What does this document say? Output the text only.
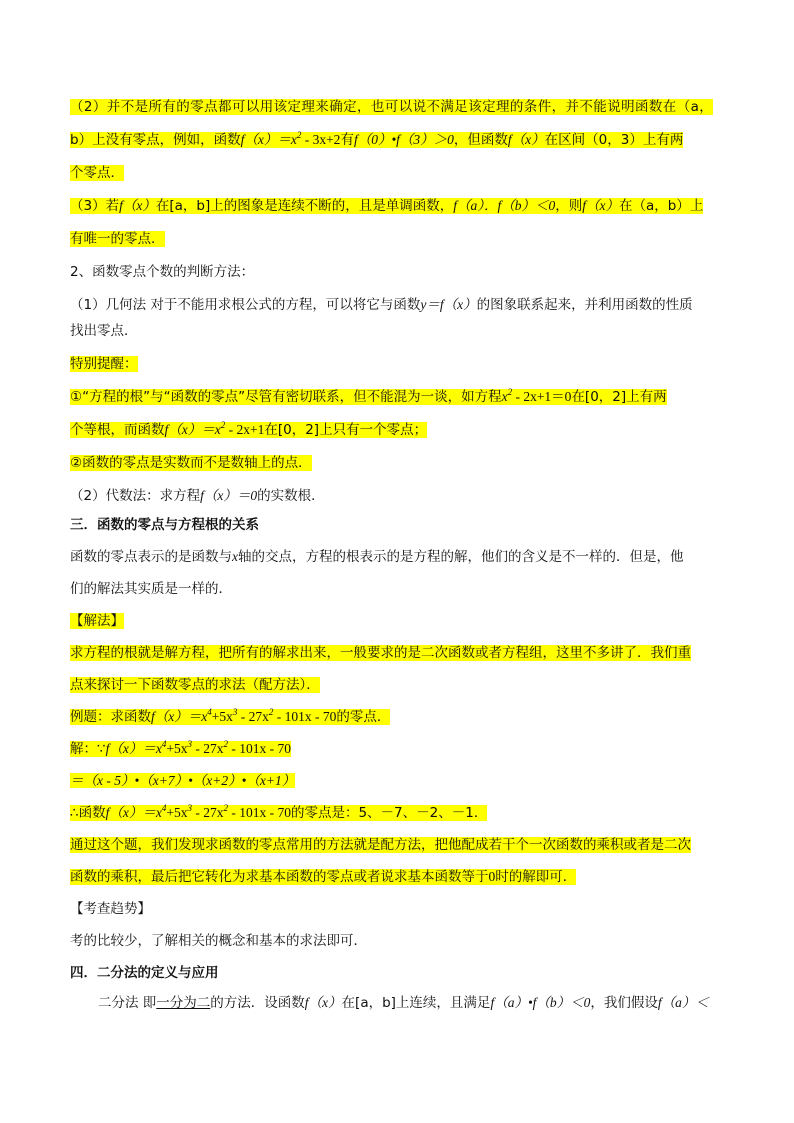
（2）并不是所有的零点都可以用该定理来确定，也可以说不满足该定理的条件，并不能说明函数在（a，
b）上没有零点，例如，函数$f(x)=x^2 - 3x+2$有f（0）•f（3）＞0，但函数f（x）在区间（0，3）上有两
个零点．
（3）若f（x）在[a，b]上的图象是连续不断的，且是单调函数，f（a）．f（b）＜0，则f（x）在（a，b）上
有唯一的零点．
2、函数零点个数的判断方法：
（1）几何法 对于不能用求根公式的方程，可以将它与函数y＝f（x）的图象联系起来，并利用函数的性质
找出零点．
特别提醒：
①“方程的根”与“函数的零点”尽管有密切联系，但不能混为一谈，如方程$x^2 - 2x+1=0$在[0，2]上有两
个等根，而函数$f(x)=x^2 - 2x+1$在[0，2]上只有一个零点；
②函数的零点是实数而不是数轴上的点．
（2）代数法：求方程f（x）＝0的实数根．
三．函数的零点与方程根的关系
函数的零点表示的是函数与x轴的交点，方程的根表示的是方程的解，他们的含义是不一样的．但是，他
们的解法其实质是一样的．
【解法】
求方程的根就是解方程，把所有的解求出来，一般要求的是二次函数或者方程组，这里不多讲了．我们重
点来探讨一下函数零点的求法（配方法）．
例题：求函数$f(x)=x^4+5x^3 - 27x^2 - 101x - 70$的零点．
解：$\because f(x)=x^4+5x^3 - 27x^2 - 101x - 70$
＝（x - 5）•（x+7）•（x+2）•（x+1）
∴函数$f(x)=x^4+5x^3 - 27x^2 - 101x - 70$的零点是：5、－7、－2、－1．
通过这个题，我们发现求函数的零点常用的方法就是配方法，把他配成若干个一次函数的乘积或者是二次
函数的乘积，最后把它转化为求基本函数的零点或者说求基本函数等于0时的解即可．
【考查趋势】
考的比较少，了解相关的概念和基本的求法即可．
四．二分法的定义与应用
二分法 即一分为二的方法．设函数f（x）在[a，b]上连续，且满足f（a）•f（b）＜0，我们假设f（a）＜
